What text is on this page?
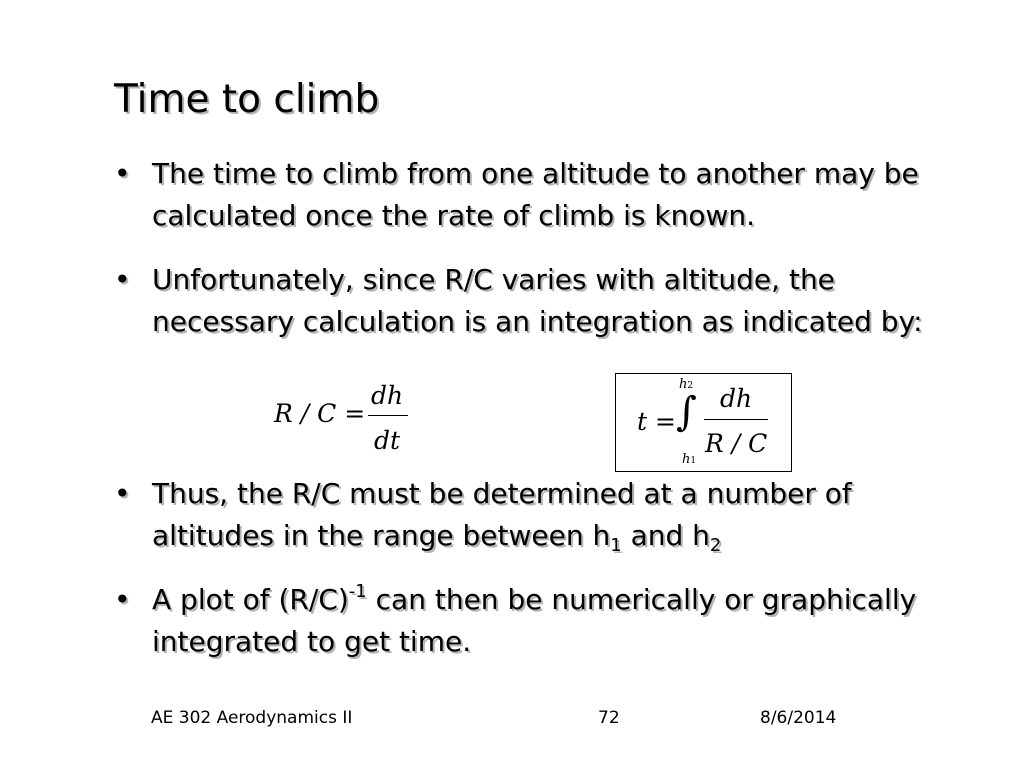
Time to climb
• The time to climb from one altitude to another may be calculated once the rate of climb is known.
• Unfortunately, since R/C varies with altitude, the necessary calculation is an integration as indicated by:
R / C =
dh
dt
t = ∫
h2
h1
dh
R / C
• Thus, the R/C must be determined at a number of altitudes in the range between $h_1$ and $h_2$
• A plot of $(R/C)^{-1}$ can then be numerically or graphically integrated to get time.
AE 302 Aerodynamics II	72	8/6/2014
